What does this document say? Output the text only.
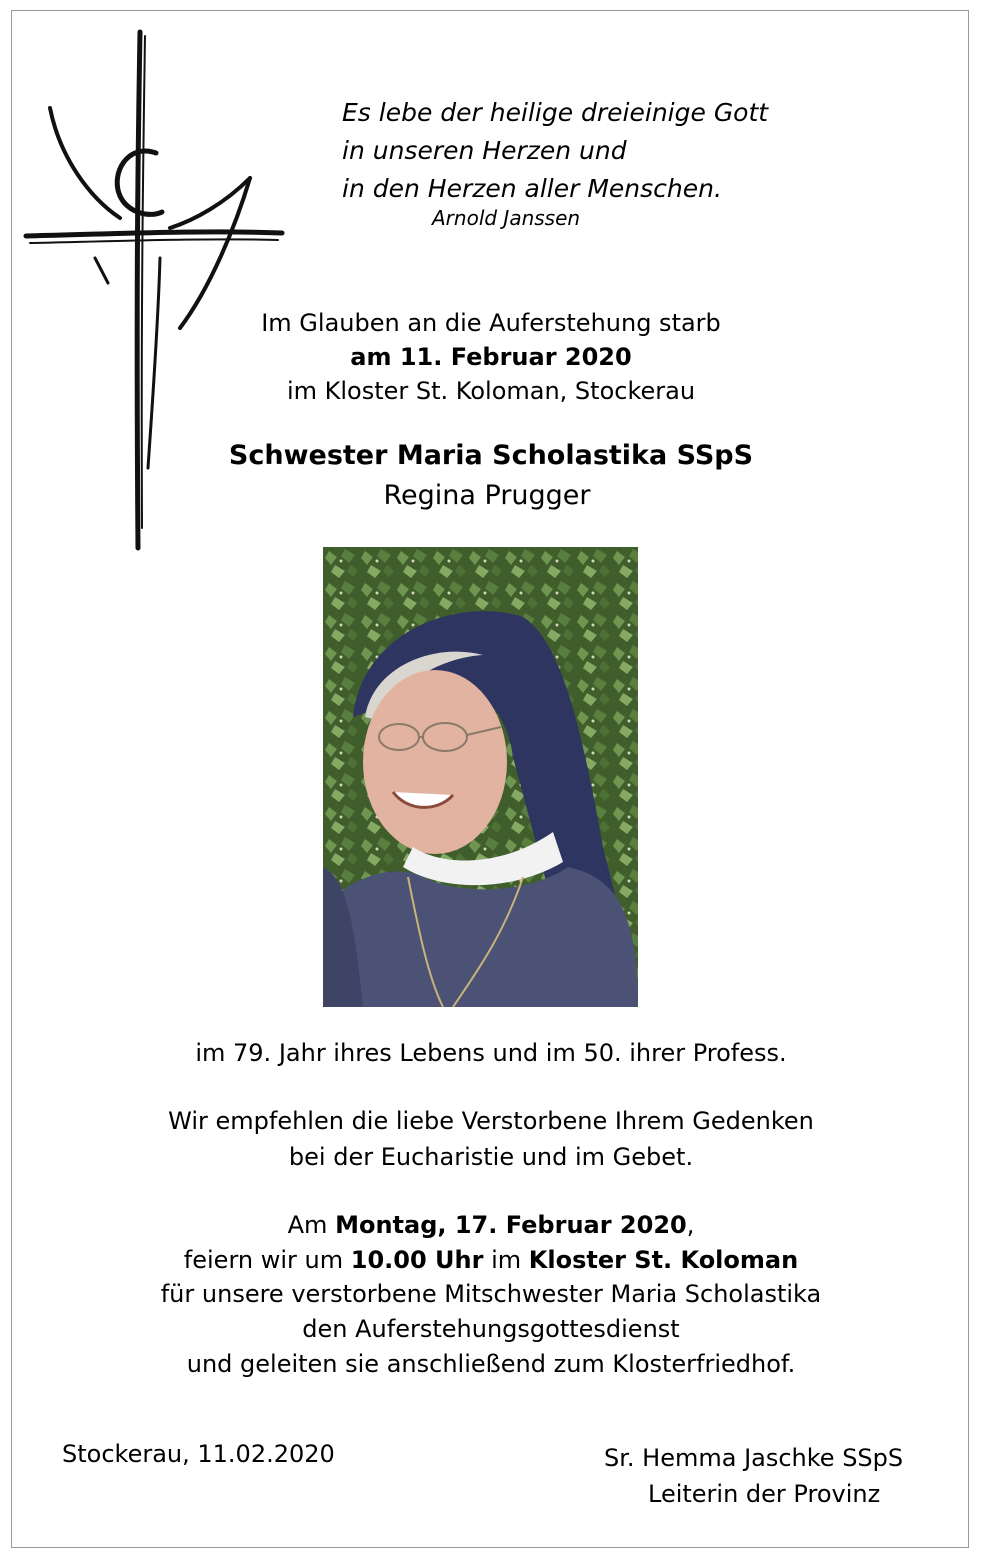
Es lebe der heilige dreieinige Gott
in unseren Herzen und
in den Herzen aller Menschen.
Arnold Janssen
Im Glauben an die Auferstehung starb
am 11. Februar 2020
im Kloster St. Koloman, Stockerau
Schwester Maria Scholastika SSpS
Regina Prugger
im 79. Jahr ihres Lebens und im 50. ihrer Profess.
Wir empfehlen die liebe Verstorbene Ihrem Gedenken
bei der Eucharistie und im Gebet.
Am Montag, 17. Februar 2020,
feiern wir um 10.00 Uhr im Kloster St. Koloman
für unsere verstorbene Mitschwester Maria Scholastika
den Auferstehungsgottesdienst
und geleiten sie anschließend zum Klosterfriedhof.
Stockerau, 11.02.2020	Sr. Hemma Jaschke SSpS
Leiterin der Provinz
